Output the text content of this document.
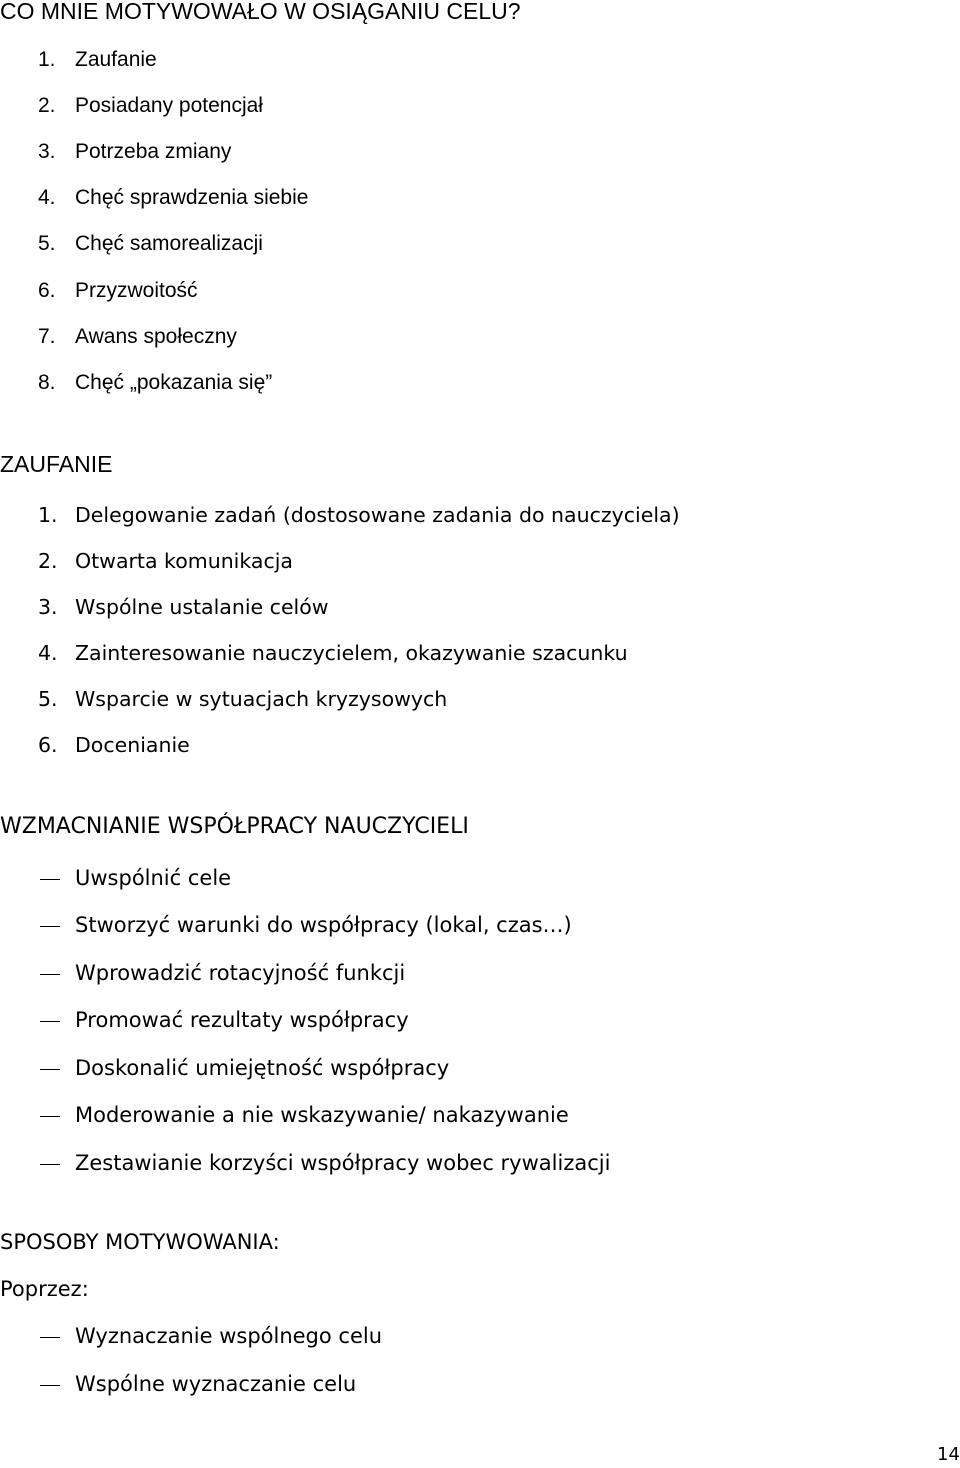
CO MNIE MOTYWOWAŁO W OSIĄGANIU CELU?
1. Zaufanie
2. Posiadany potencjał
3. Potrzeba zmiany
4. Chęć sprawdzenia siebie
5. Chęć samorealizacji
6. Przyzwoitość
7. Awans społeczny
8. Chęć „pokazania się”
ZAUFANIE
1. Delegowanie zadań (dostosowane zadania do nauczyciela)
2. Otwarta komunikacja
3. Wspólne ustalanie celów
4. Zainteresowanie nauczycielem, okazywanie szacunku
5. Wsparcie w sytuacjach kryzysowych
6. Docenianie
WZMACNIANIE WSPÓŁPRACY NAUCZYCIELI
Uwspólnić cele
Stworzyć warunki do współpracy (lokal, czas…)
Wprowadzić rotacyjność funkcji
Promować rezultaty współpracy
Doskonalić umiejętność współpracy
Moderowanie a nie wskazywanie/ nakazywanie
Zestawianie korzyści współpracy wobec rywalizacji
SPOSOBY MOTYWOWANIA:
Poprzez:
Wyznaczanie wspólnego celu
Wspólne wyznaczanie celu
14
